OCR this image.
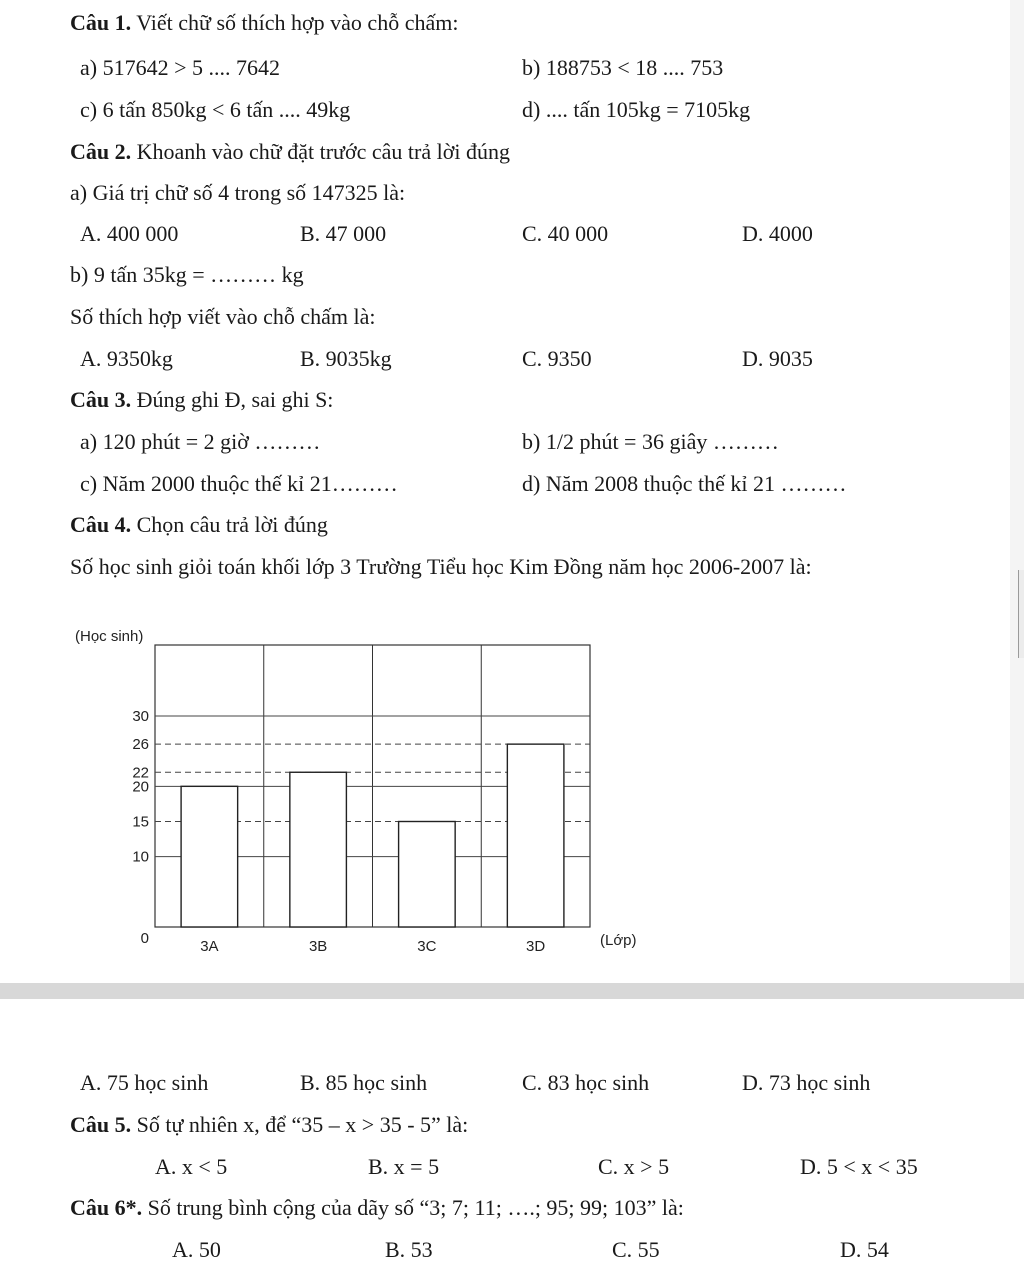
Câu 1. Viết chữ số thích hợp vào chỗ chấm:
a) 517642 > 5 .... 7642	b) 188753 < 18 .... 753
c) 6 tấn 850kg < 6 tấn .... 49kg	d) .... tấn 105kg = 7105kg
Câu 2. Khoanh vào chữ đặt trước câu trả lời đúng
a) Giá trị chữ số 4 trong số 147325 là:
A. 400 000	B. 47 000	C. 40 000	D. 4000
b) 9 tấn 35kg = ……… kg
Số thích hợp viết vào chỗ chấm là:
A. 9350kg	B. 9035kg	C. 9350	D. 9035
Câu 3. Đúng ghi Đ, sai ghi S:
a) 120 phút = 2 giờ ………	b) 1/2 phút = 36 giây ………
c) Năm 2000 thuộc thế kỉ 21………	d) Năm 2008 thuộc thế kỉ 21 ………
Câu 4. Chọn câu trả lời đúng
Số học sinh giỏi toán khối lớp 3 Trường Tiểu học Kim Đồng năm học 2006-2007 là:
0
10
15
20
22
26
30
3A	3B	3C	3D
(Học sinh)
(Lớp)
A. 75 học sinh	B. 85 học sinh	C. 83 học sinh	D. 73 học sinh
Câu 5. Số tự nhiên x, để “35 – x > 35 - 5” là:
A. x < 5	B. x = 5	C. x > 5	D. 5 < x < 35
Câu 6*. Số trung bình cộng của dãy số “3; 7; 11; ….; 95; 99; 103” là:
A. 50	B. 53	C. 55	D. 54
